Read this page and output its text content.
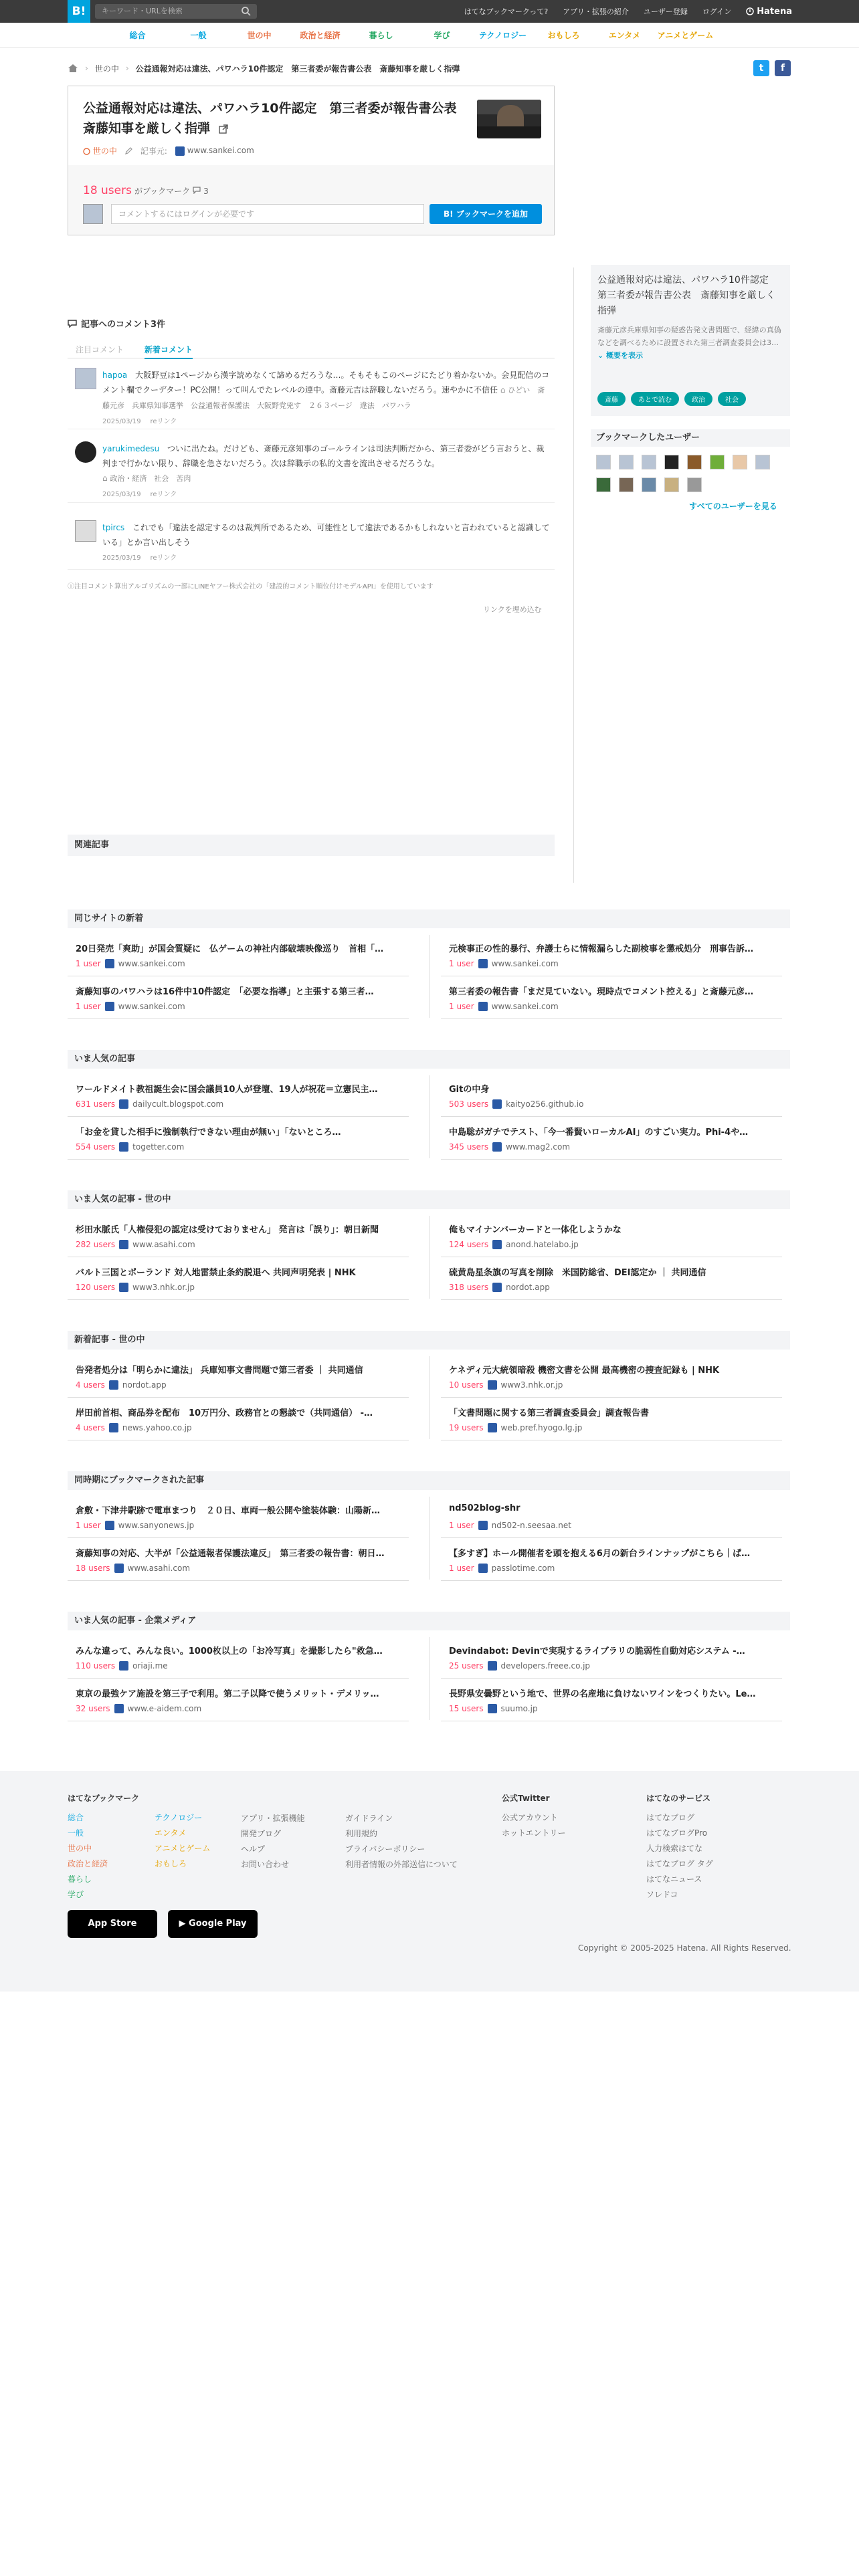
B!	キーワード・URLを検索	はてなブックマークって? アプリ・拡張の紹介 ユーザー登録 ログイン	Hatena
総合	一般	世の中	政治と経済	暮らし	学び	テクノロジー	おもしろ	エンタメ	アニメとゲーム
› 世の中 › 公益通報対応は違法、パワハラ10件認定　第三者委が報告書公表　斎藤知事を厳しく指弾	t	f
公益通報対応は違法、パワハラ10件認定　第三者委が報告書公表　斎藤知事を厳しく指弾
世の中	記事元:	www.sankei.com
18 users がブックマーク 3
コメントするにはログインが必要です	B! ブックマークを追加
公益通報対応は違法、パワハラ10件認定　第三者委が報告書公表　斎藤知事を厳しく指弾
斎藤元彦兵庫県知事の疑惑告発文書問題で、経緯の真偽などを調べるために設置された第三者調査委員会は3… ⌄ 概要を表示
斎藤	あとで読む	政治	社会
ブックマークしたユーザー
すべてのユーザーを見る
記事へのコメント3件
注目コメント	新着コメント
hapoa 大阪野豆は1ページから漢字読めなくて諦めるだろうな…。そもそもこのページにたどり着かないか。会見配信のコメント欄でクーデター！PC公開！って叫んでたレベルの連中。斎藤元吉は辞職しないだろう。速やかに不信任 ⌂ ひどい　斎藤元彦　兵庫県知事選挙　公益通報者保護法　大阪野党兇す　２６３ページ　違法　パワハラ
2025/03/19 reリンク
yarukimedesu ついに出たね。だけども、斎藤元彦知事のゴールラインは司法判断だから、第三者委がどう言おうと、裁判まで行かない限り、辞職を急さないだろう。次は辞職示の私的文書を流出させるだろうな。
⌂ 政治・経済　社会　苦肉
2025/03/19 reリンク
tpircs これでも「違法を認定するのは裁判所であるため、可能性として違法であるかもしれないと言われていると認識している」とか言い出しそう
2025/03/19 reリンク
ⓘ注目コメント算出アルゴリズムの一部にLINEヤフー株式会社の「建設的コメント順位付けモデルAPI」を使用しています
リンクを埋め込む
関連記事
同じサイトの新着
20日発売「爽助」が国会質疑に　仏ゲームの神社内部破壊映像巡り　首相「…
1 user www.sankei.com
元検事正の性的暴行、弁護士らに情報漏らした副検事を懲戒処分　刑事告訴…
1 user www.sankei.com
斎藤知事のパワハラは16件中10件認定　「必要な指導」と主張する第三者…
1 user www.sankei.com
第三者委の報告書「まだ見ていない。現時点でコメント控える」と斎藤元彦…
1 user www.sankei.com
いま人気の記事
ワールドメイト教祖誕生会に国会議員10人が登壇、19人が祝花＝立憲民主…
631 users dailycult.blogspot.com
Gitの中身
503 users kaityo256.github.io
「お金を貸した相手に強制執行できない理由が無い」「ないところ…
554 users togetter.com
中島聡がガチでテスト、「今一番賢いローカルAI」のすごい実力。Phi-4や…
345 users www.mag2.com
いま人気の記事 - 世の中
杉田水脈氏「人権侵犯の認定は受けておりません」 発言は「誤り」：朝日新聞
282 users www.asahi.com
俺もマイナンバーカードと一体化しようかな
124 users anond.hatelabo.jp
バルト三国とポーランド 対人地雷禁止条約脱退へ 共同声明発表 | NHK
120 users www3.nhk.or.jp
硫黄島星条旗の写真を削除　米国防総省、DEI認定か ｜ 共同通信
318 users nordot.app
新着記事 - 世の中
告発者処分は「明らかに違法」 兵庫知事文書問題で第三者委 ｜ 共同通信
4 users nordot.app
ケネディ元大統領暗殺 機密文書を公開 最高機密の捜査記録も | NHK
10 users www3.nhk.or.jp
岸田前首相、商品券を配布　10万円分、政務官との懇談で（共同通信） -…
4 users news.yahoo.co.jp
「文書問題に関する第三者調査委員会」調査報告書
19 users web.pref.hyogo.lg.jp
同時期にブックマークされた記事
倉敷・下津井駅跡で電車まつり　２０日、車両一般公開や塗装体験：山陽新…
1 user www.sanyonews.jp
nd502blog-shr
1 user nd502-n.seesaa.net
斎藤知事の対応、大半が「公益通報者保護法違反」　第三者委の報告書：朝日…
18 users www.asahi.com
【多すぎ】ホール開催者を頭を抱える6月の新台ラインナップがこちら｜ぱ…
1 user passlotime.com
いま人気の記事 - 企業メディア
みんな違って、みんな良い。1000枚以上の「お冷写真」を撮影したら"救急…
110 users oriaji.me
Devindabot: Devinで実現するライブラリの脆弱性自動対応システム -…
25 users developers.freee.co.jp
東京の最強ケア施設を第三子で利用。第二子以降で使うメリット・デメリッ…
32 users www.e-aidem.com
長野県安曇野という地で、世界の名産地に負けないワインをつくりたい。Le…
15 users suumo.jp
はてなブックマーク
総合
一般
世の中
政治と経済
暮らし
学び
テクノロジー
エンタメ
アニメとゲーム
おもしろ
アプリ・拡張機能
開発ブログ
ヘルプ
お問い合わせ
ガイドライン
利用規約
プライバシーポリシー
利用者情報の外部送信について
公式Twitter
公式アカウント
ホットエントリー
はてなのサービス
はてなブログ
はてなブログPro
人力検索はてな
はてなブログ タグ
はてなニュース
ソレドコ
App Store	▶ Google Play
Copyright © 2005-2025 Hatena. All Rights Reserved.
